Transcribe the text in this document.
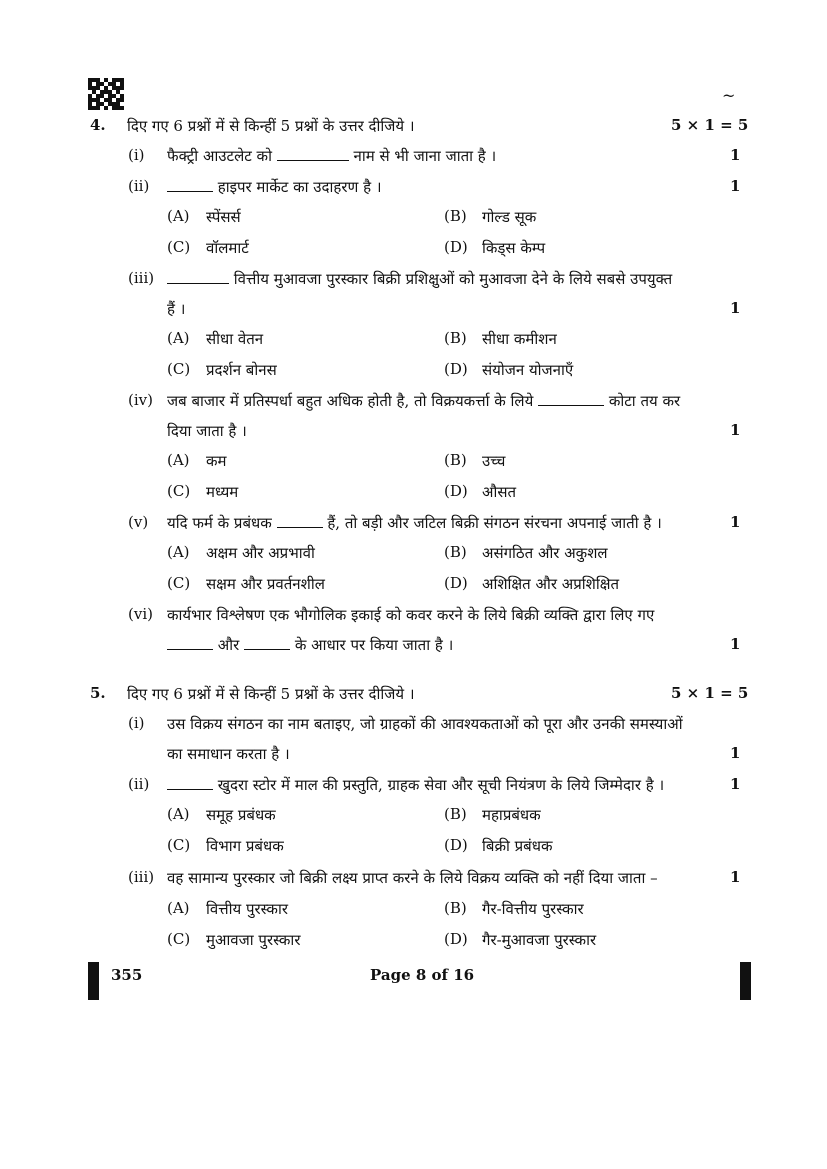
~
4. दिए गए 6 प्रश्नों में से किन्हीं 5 प्रश्नों के उत्तर दीजिये ।	5 × 1 = 5
(i) फैक्ट्री आउटलेट को	नाम से भी जाना जाता है ।	1
(ii)	हाइपर मार्केट का उदाहरण है ।	1
(A) स्पेंसर्स	(B) गोल्ड सूक
(C) वॉलमार्ट	(D) किड्स केम्प
(iii)	वित्तीय मुआवजा पुरस्कार बिक्री प्रशिक्षुओं को मुआवजा देने के लिये सबसे उपयुक्त
हैं ।	1
(A) सीधा वेतन	(B) सीधा कमीशन
(C) प्रदर्शन बोनस	(D) संयोजन योजनाएँ
(iv) जब बाजार में प्रतिस्पर्धा बहुत अधिक होती है, तो विक्रयकर्त्ता के लिये	कोटा तय कर
दिया जाता है ।	1
(A) कम	(B) उच्च
(C) मध्यम	(D) औसत
(v) यदि फर्म के प्रबंधक	हैं, तो बड़ी और जटिल बिक्री संगठन संरचना अपनाई जाती है ।	1
(A) अक्षम और अप्रभावी	(B) असंगठित और अकुशल
(C) सक्षम और प्रवर्तनशील	(D) अशिक्षित और अप्रशिक्षित
(vi) कार्यभार विश्लेषण एक भौगोलिक इकाई को कवर करने के लिये बिक्री व्यक्ति द्वारा लिए गए
और	के आधार पर किया जाता है ।	1
5. दिए गए 6 प्रश्नों में से किन्हीं 5 प्रश्नों के उत्तर दीजिये ।	5 × 1 = 5
(i) उस विक्रय संगठन का नाम बताइए, जो ग्राहकों की आवश्यकताओं को पूरा और उनकी समस्याओं
का समाधान करता है ।	1
(ii)	खुदरा स्टोर में माल की प्रस्तुति, ग्राहक सेवा और सूची नियंत्रण के लिये जिम्मेदार है ।	1
(A) समूह प्रबंधक	(B) महाप्रबंधक
(C) विभाग प्रबंधक	(D) बिक्री प्रबंधक
(iii) वह सामान्य पुरस्कार जो बिक्री लक्ष्य प्राप्त करने के लिये विक्रय व्यक्ति को नहीं दिया जाता –	1
(A) वित्तीय पुरस्कार	(B) गैर-वित्तीय पुरस्कार
(C) मुआवजा पुरस्कार	(D) गैर-मुआवजा पुरस्कार
355	Page 8 of 16
